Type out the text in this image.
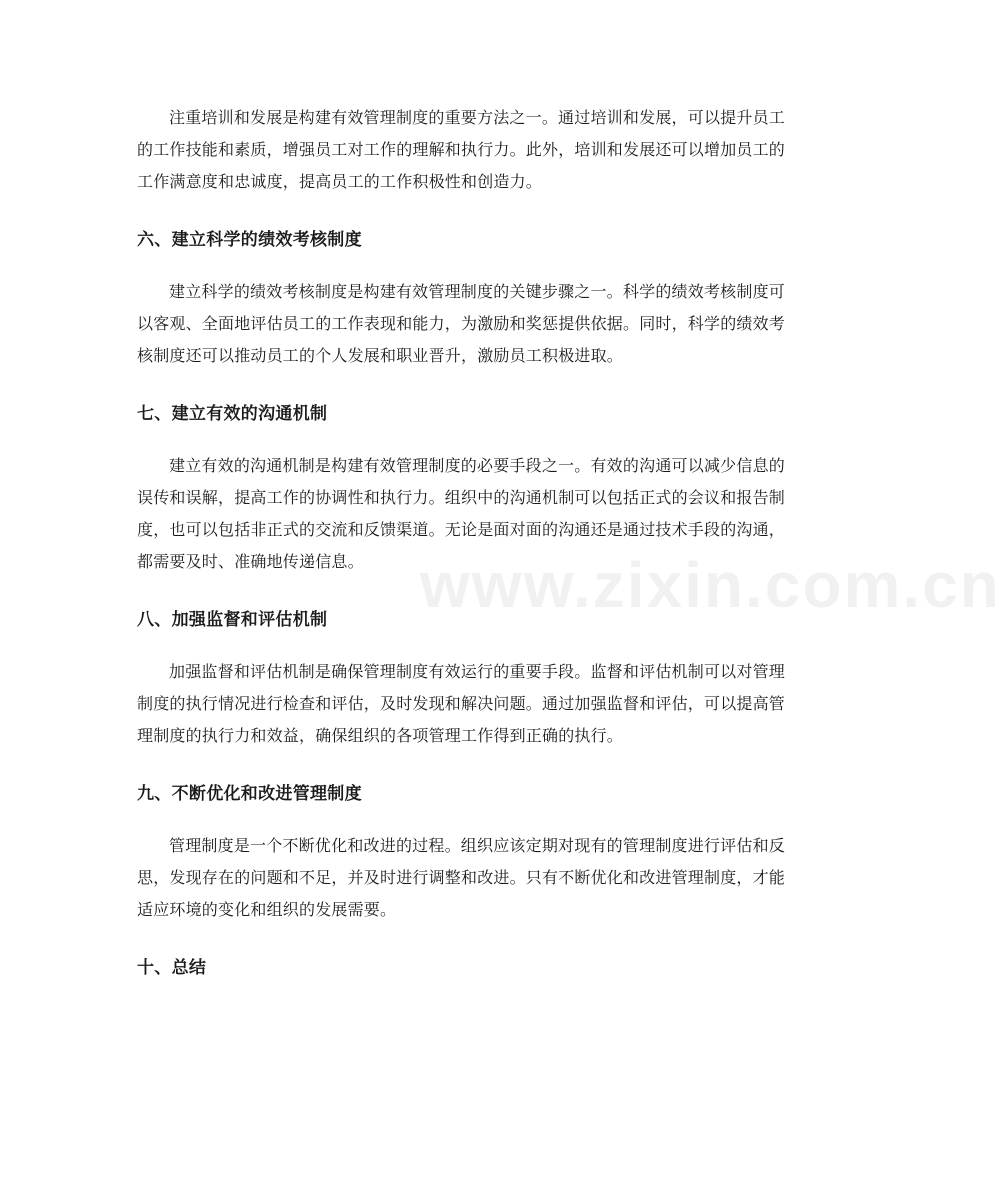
注重培训和发展是构建有效管理制度的重要方法之一。通过培训和发展，可以提升员工的工作技能和素质，增强员工对工作的理解和执行力。此外，培训和发展还可以增加员工的工作满意度和忠诚度，提高员工的工作积极性和创造力。

六、建立科学的绩效考核制度

建立科学的绩效考核制度是构建有效管理制度的关键步骤之一。科学的绩效考核制度可以客观、全面地评估员工的工作表现和能力，为激励和奖惩提供依据。同时，科学的绩效考核制度还可以推动员工的个人发展和职业晋升，激励员工积极进取。

七、建立有效的沟通机制

建立有效的沟通机制是构建有效管理制度的必要手段之一。有效的沟通可以减少信息的误传和误解，提高工作的协调性和执行力。组织中的沟通机制可以包括正式的会议和报告制度，也可以包括非正式的交流和反馈渠道。无论是面对面的沟通还是通过技术手段的沟通，都需要及时、准确地传递信息。

八、加强监督和评估机制

加强监督和评估机制是确保管理制度有效运行的重要手段。监督和评估机制可以对管理制度的执行情况进行检查和评估，及时发现和解决问题。通过加强监督和评估，可以提高管理制度的执行力和效益，确保组织的各项管理工作得到正确的执行。

九、不断优化和改进管理制度

管理制度是一个不断优化和改进的过程。组织应该定期对现有的管理制度进行评估和反思，发现存在的问题和不足，并及时进行调整和改进。只有不断优化和改进管理制度，才能适应环境的变化和组织的发展需要。

十、总结
www.zixin.com.cn
